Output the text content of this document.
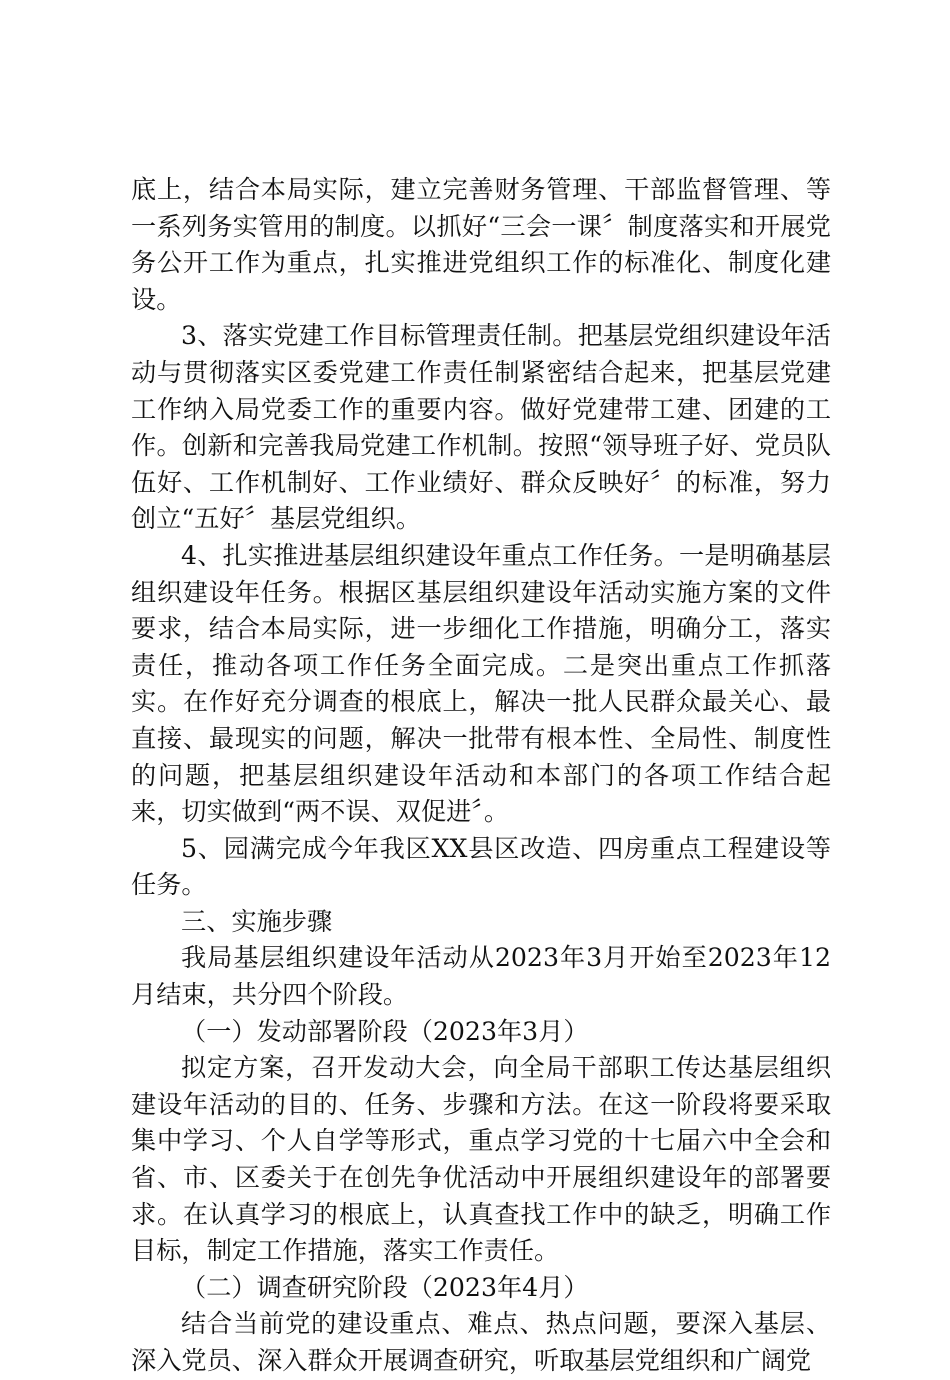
底上，结合本局实际，建立完善财务管理、干部监督管理、等一系列务实管用的制度。以抓好“三会一课〞制度落实和开展党务公开工作为重点，扎实推进党组织工作的标准化、制度化建设。

3、落实党建工作目标管理责任制。把基层党组织建设年活动与贯彻落实区委党建工作责任制紧密结合起来，把基层党建工作纳入局党委工作的重要内容。做好党建带工建、团建的工作。创新和完善我局党建工作机制。按照“领导班子好、党员队伍好、工作机制好、工作业绩好、群众反映好〞的标准，努力创立“五好〞基层党组织。

4、扎实推进基层组织建设年重点工作任务。一是明确基层组织建设年任务。根据区基层组织建设年活动实施方案的文件要求，结合本局实际，进一步细化工作措施，明确分工，落实责任，推动各项工作任务全面完成。二是突出重点工作抓落实。在作好充分调查的根底上，解决一批人民群众最关心、最直接、最现实的问题，解决一批带有根本性、全局性、制度性的问题，把基层组织建设年活动和本部门的各项工作结合起来，切实做到“两不误、双促进〞。

5、园满完成今年我区XX县区改造、四房重点工程建设等任务。

三、实施步骤

我局基层组织建设年活动从2023年3月开始至2023年12月结束，共分四个阶段。

（一）发动部署阶段（2023年3月）

拟定方案，召开发动大会，向全局干部职工传达基层组织建设年活动的目的、任务、步骤和方法。在这一阶段将要采取集中学习、个人自学等形式，重点学习党的十七届六中全会和省、市、区委关于在创先争优活动中开展组织建设年的部署要求。在认真学习的根底上，认真查找工作中的缺乏，明确工作目标，制定工作措施，落实工作责任。

（二）调查研究阶段（2023年4月）

结合当前党的建设重点、难点、热点问题，要深入基层、深入党员、深入群众开展调查研究，听取基层党组织和广阔党
